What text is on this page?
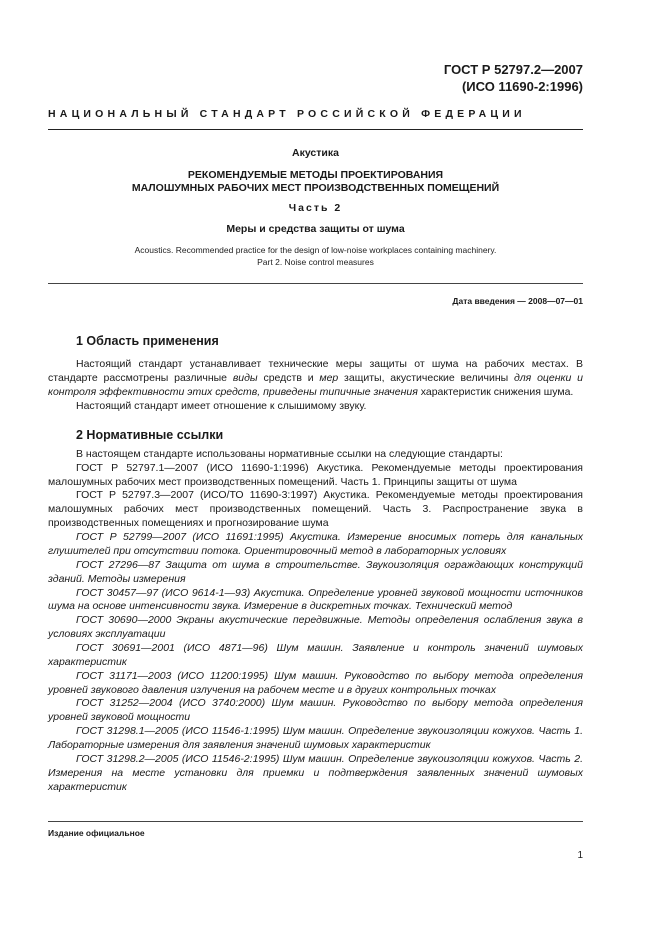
ГОСТ Р 52797.2—2007
(ИСО 11690-2:1996)
НАЦИОНАЛЬНЫЙ СТАНДАРТ РОССИЙСКОЙ ФЕДЕРАЦИИ
Акустика
РЕКОМЕНДУЕМЫЕ МЕТОДЫ ПРОЕКТИРОВАНИЯ
МАЛОШУМНЫХ РАБОЧИХ МЕСТ ПРОИЗВОДСТВЕННЫХ ПОМЕЩЕНИЙ
Часть 2
Меры и средства защиты от шума
Acoustics. Recommended practice for the design of low-noise workplaces containing machinery.
Part 2. Noise control measures
Дата введения — 2008—07—01
1 Область применения

Настоящий стандарт устанавливает технические меры защиты от шума на рабочих местах. В стандарте рассмотрены различные виды средств и мер защиты, акустические величины для оценки и контроля эффективности этих средств, приведены типичные значения характеристик снижения шума.

Настоящий стандарт имеет отношение к слышимому звуку.

2 Нормативные ссылки

В настоящем стандарте использованы нормативные ссылки на следующие стандарты:

ГОСТ Р 52797.1—2007 (ИСО 11690-1:1996) Акустика. Рекомендуемые методы проектирования малошумных рабочих мест производственных помещений. Часть 1. Принципы защиты от шума

ГОСТ Р 52797.3—2007 (ИСО/ТО 11690-3:1997) Акустика. Рекомендуемые методы проектирования малошумных рабочих мест производственных помещений. Часть 3. Распространение звука в производственных помещениях и прогнозирование шума

ГОСТ Р 52799—2007 (ИСО 11691:1995) Акустика. Измерение вносимых потерь для канальных глушителей при отсутствии потока. Ориентировочный метод в лабораторных условиях

ГОСТ 27296—87 Защита от шума в строительстве. Звукоизоляция ограждающих конструкций зданий. Методы измерения

ГОСТ 30457—97 (ИСО 9614-1—93) Акустика. Определение уровней звуковой мощности источников шума на основе интенсивности звука. Измерение в дискретных точках. Технический метод

ГОСТ 30690—2000 Экраны акустические передвижные. Методы определения ослабления звука в условиях эксплуатации

ГОСТ 30691—2001 (ИСО 4871—96) Шум машин. Заявление и контроль значений шумовых характеристик

ГОСТ 31171—2003 (ИСО 11200:1995) Шум машин. Руководство по выбору метода определения уровней звукового давления излучения на рабочем месте и в других контрольных точках

ГОСТ 31252—2004 (ИСО 3740:2000) Шум машин. Руководство по выбору метода определения уровней звуковой мощности

ГОСТ 31298.1—2005 (ИСО 11546-1:1995) Шум машин. Определение звукоизоляции кожухов. Часть 1. Лабораторные измерения для заявления значений шумовых характеристик

ГОСТ 31298.2—2005 (ИСО 11546-2:1995) Шум машин. Определение звукоизоляции кожухов. Часть 2. Измерения на месте установки для приемки и подтверждения заявленных значений шумовых характеристик

Издание официальное
1
